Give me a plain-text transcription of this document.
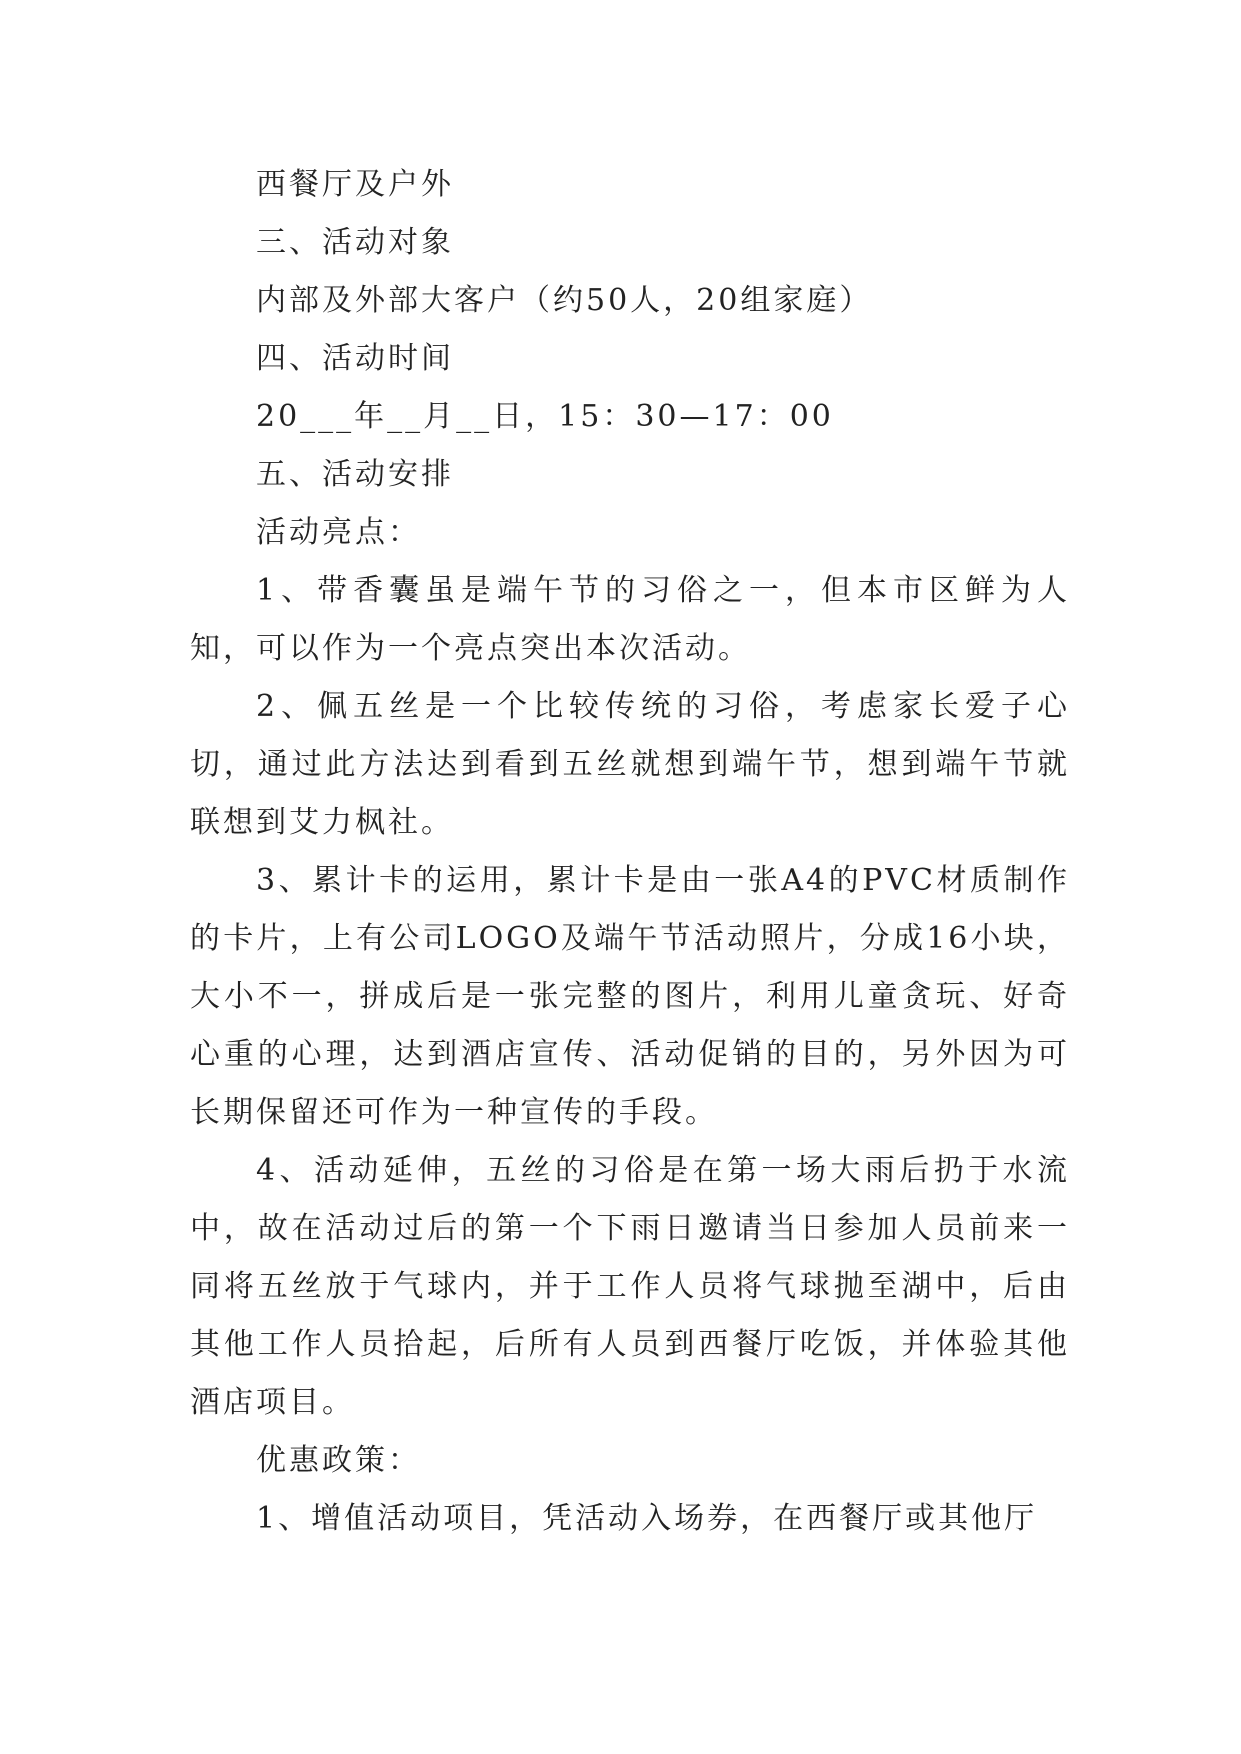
西餐厅及户外

三、活动对象

内部及外部大客户（约50人，20组家庭）

四、活动时间

20___年__月__日，15：30—17：00

五、活动安排

活动亮点：

1、带香囊虽是端午节的习俗之一，但本市区鲜为人知，可以作为一个亮点突出本次活动。

2、佩五丝是一个比较传统的习俗，考虑家长爱子心切，通过此方法达到看到五丝就想到端午节，想到端午节就联想到艾力枫社。

3、累计卡的运用，累计卡是由一张A4的PVC材质制作的卡片，上有公司LOGO及端午节活动照片，分成16小块，大小不一，拼成后是一张完整的图片，利用儿童贪玩、好奇心重的心理，达到酒店宣传、活动促销的目的，另外因为可长期保留还可作为一种宣传的手段。

4、活动延伸，五丝的习俗是在第一场大雨后扔于水流中，故在活动过后的第一个下雨日邀请当日参加人员前来一同将五丝放于气球内，并于工作人员将气球抛至湖中，后由其他工作人员拾起，后所有人员到西餐厅吃饭，并体验其他酒店项目。

优惠政策：

1、增值活动项目，凭活动入场券，在西餐厅或其他厅
